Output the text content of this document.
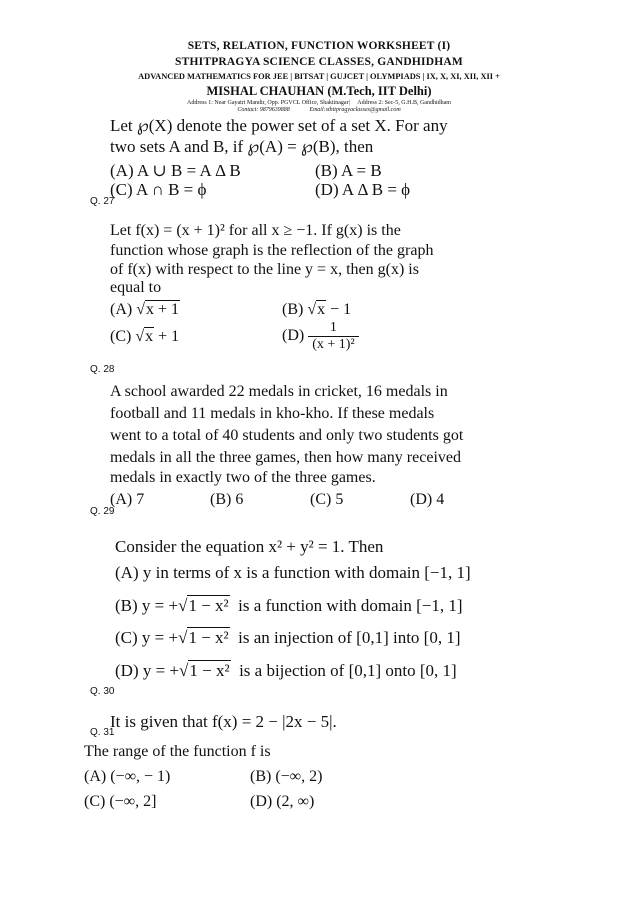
SETS, RELATION, FUNCTION WORKSHEET (I)
STHITPRAGYA SCIENCE CLASSES, GANDHIDHAM
ADVANCED MATHEMATICS FOR JEE | BITSAT | GUJCET | OLYMPIADS | IX, X, XI, XII, XII +
MISHAL CHAUHAN (M.Tech, IIT Delhi)
Address 1: Near Gayatri Mandir, Opp. PGVCL Office, Shaktinagar| Address 2: Sec-5, G.H.B, Gandhidham
Contact: 9879639888	Email:sthitpragyaclasses@gmail.com
Let ℘(X) denote the power set of a set X. For any
two sets A and B, if ℘(A) = ℘(B), then
(A) A ∪ B = A Δ B	(B) A = B
(C) A ∩ B = ϕ	(D) A Δ B = ϕ
Q. 27
Let f(x) = (x + 1)² for all x ≥ −1. If g(x) is the
function whose graph is the reflection of the graph
of f(x) with respect to the line y = x, then g(x) is
equal to
(A) √x + 1	(B) √x − 1
(C) √x + 1	$(D) \frac{1}{\text{(x + 1)²}}$
Q. 28
A school awarded 22 medals in cricket, 16 medals in
football and 11 medals in kho-kho. If these medals
went to a total of 40 students and only two students got
medals in all the three games, then how many received
medals in exactly two of the three games.
(A) 7	(B) 6	(C) 5	(D) 4
Q. 29
Consider the equation x² + y² = 1. Then
(A) y in terms of x is a function with domain [−1, 1]
(B) y = +√1 − x² is a function with domain [−1, 1]
(C) y = +√1 − x² is an injection of [0,1] into [0, 1]
(D) y = +√1 − x² is a bijection of [0,1] onto [0, 1]
Q. 30
Q. 31
It is given that f(x) = 2 − |2x − 5|.
The range of the function f is
(A) (−∞, − 1)	(B) (−∞, 2)
(C) (−∞, 2]	(D) (2, ∞)
